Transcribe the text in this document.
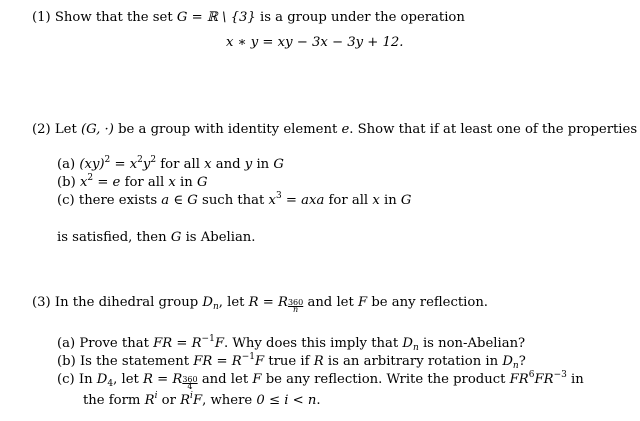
(1) Show that the set G = ℝ \ {3} is a group under the operation
x ∗ y = xy − 3x − 3y + 12.
(2) Let (G, ·) be a group with identity element e. Show that if at least one of the properties
(a) $(xy)^2 = x^2y^2$ for all x and y in G
(b) $x^2 = e$ for all x in G
(c) there exists a ∈ G such that $x^3$ = axa for all x in G
is satisfied, then G is Abelian.
(3) In the dihedral group $D_n$, let R = R $\frac{360}{n}$ and let F be any reflection.
(a) Prove that FR = $R^{-1}F$. Why does this imply that $D_n$ is non-Abelian?
(b) Is the statement FR = $R^{-1}F$ true if R is an arbitrary rotation in $D_n$?
(c) In $D_4$, let R = R $\frac{360}{4}$ and let F be any reflection. Write the product $FR^6FR^{-3}$ in
the form $R^i$ or $R^iF$, where 0 ≤ i < n.
